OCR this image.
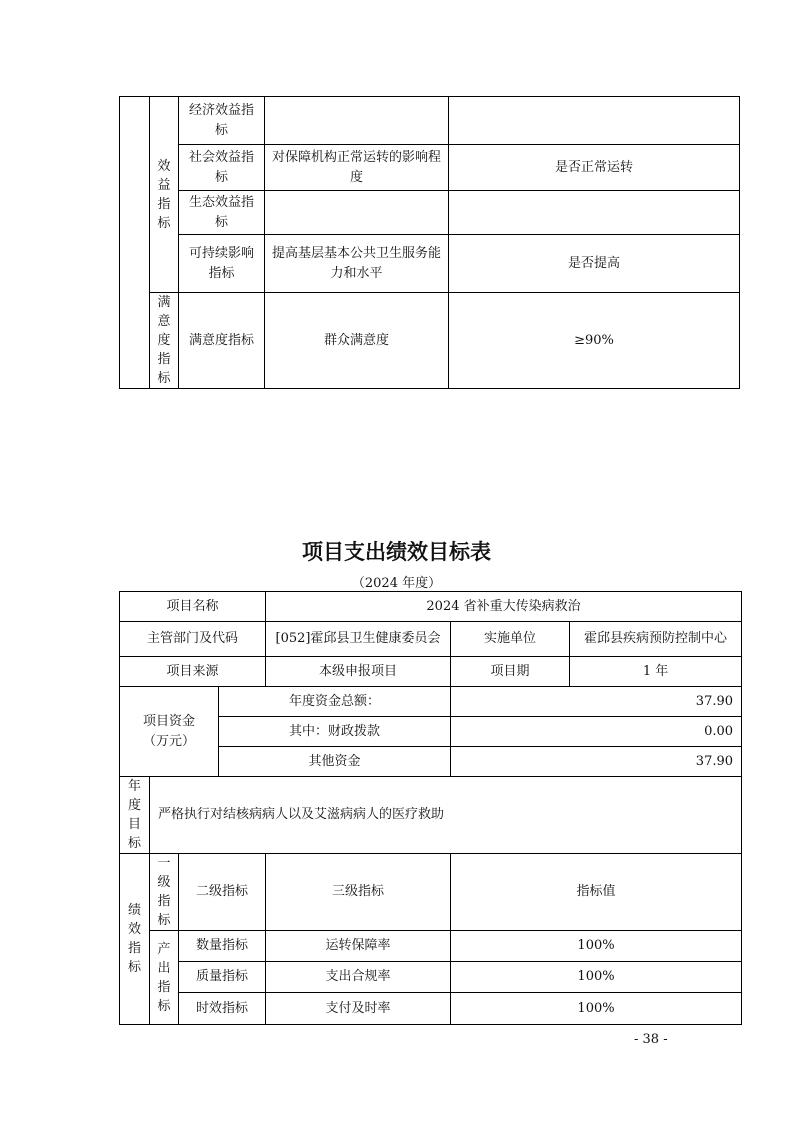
	效益指标	经济效益指标		
		社会效益指标	对保障机构正常运转的影响程度	是否正常运转
		生态效益指标		
		可持续影响指标	提高基层基本公共卫生服务能力和水平	是否提高
	满意度指标	满意度指标	群众满意度	≥90%
项目支出绩效目标表
（2024 年度）
项目名称				2024 省补重大传染病救治		
主管部门及代码				[052]霍邱县卫生健康委员会	实施单位	霍邱县疾病预防控制中心
项目来源				本级申报项目	项目期	1 年
项目资金（万元）			年度资金总额：		37.90	
			其中：财政拨款		0.00	
			其他资金		37.90	
年度目标	严格执行对结核病病人以及艾滋病病人的医疗救助					
绩效指标	一级指标	二级指标		三级指标	指标值	
	产出指标	数量指标		运转保障率	100%	
		质量指标		支出合规率	100%	
		时效指标		支付及时率	100%	
- 38 -
